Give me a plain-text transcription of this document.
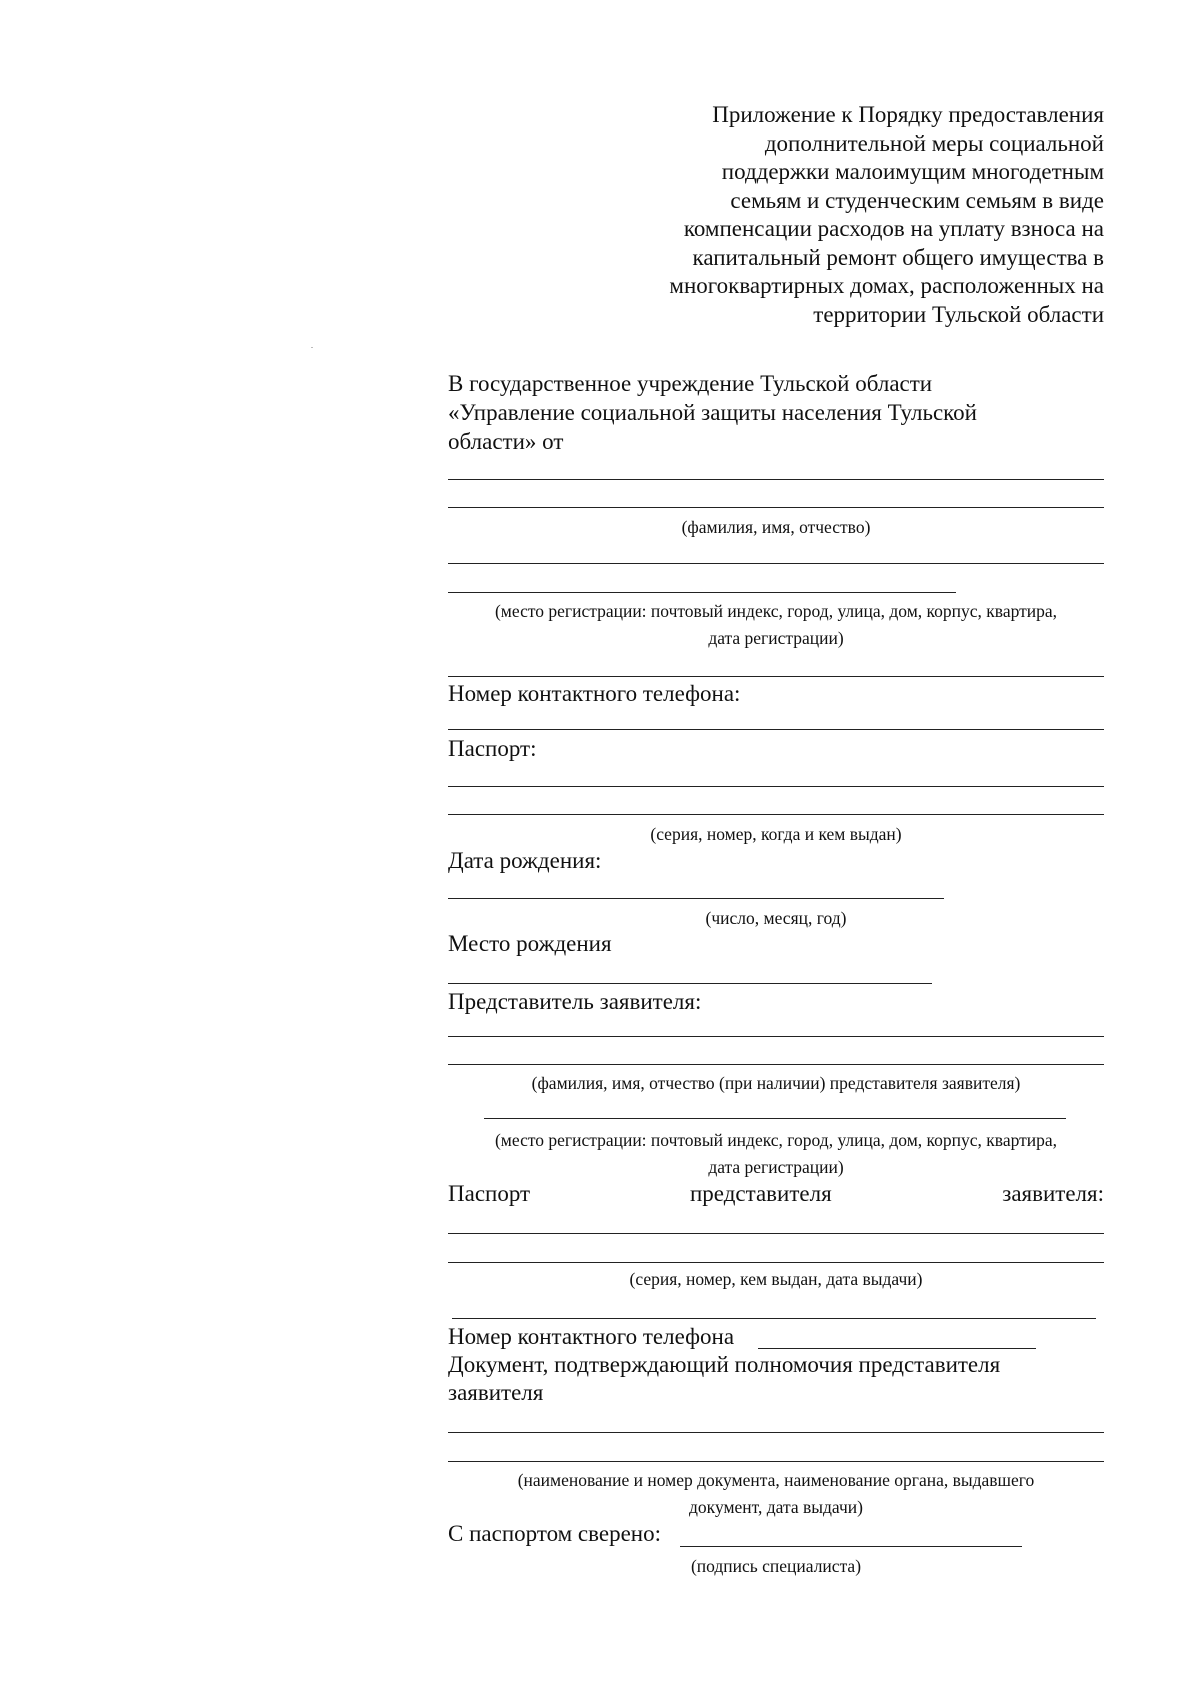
Приложение к Порядку предоставления
дополнительной меры социальной
поддержки малоимущим многодетным
семьям и студенческим семьям в виде
компенсации расходов на уплату взноса на
капитальный ремонт общего имущества в
многоквартирных домах, расположенных на
территории Тульской области
В государственное учреждение Тульской области
«Управление социальной защиты населения Тульской
области» от
(фамилия, имя, отчество)
(место регистрации: почтовый индекс, город, улица, дом, корпус, квартира,
дата регистрации)
Номер контактного телефона:
Паспорт:
(серия, номер, когда и кем выдан)
Дата рождения:
(число, месяц, год)
Место рождения
Представитель заявителя:
(фамилия, имя, отчество (при наличии) представителя заявителя)
(место регистрации: почтовый индекс, город, улица, дом, корпус, квартира,
дата регистрации)
Паспорт	представителя	заявителя:
(серия, номер, кем выдан, дата выдачи)
Номер контактного телефона
Документ, подтверждающий полномочия представителя
заявителя
(наименование и номер документа, наименование органа, выдавшего
документ, дата выдачи)
С паспортом сверено:
(подпись специалиста)
